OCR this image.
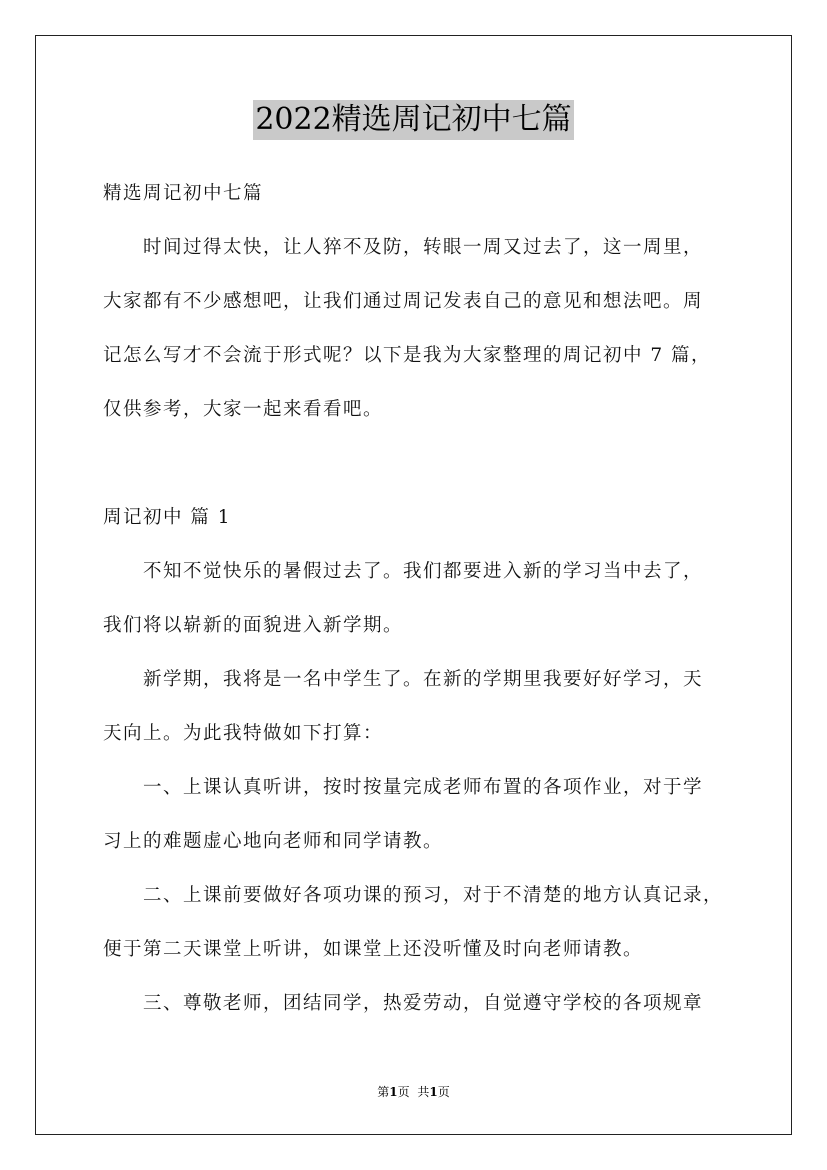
2022精选周记初中七篇
精选周记初中七篇
时间过得太快，让人猝不及防，转眼一周又过去了，这一周里，
大家都有不少感想吧，让我们通过周记发表自己的意见和想法吧。周
记怎么写才不会流于形式呢？以下是我为大家整理的周记初中 7 篇，
仅供参考，大家一起来看看吧。
周记初中 篇 1
不知不觉快乐的暑假过去了。我们都要进入新的学习当中去了，
我们将以崭新的面貌进入新学期。
新学期，我将是一名中学生了。在新的学期里我要好好学习，天
天向上。为此我特做如下打算：
一、上课认真听讲，按时按量完成老师布置的各项作业，对于学
习上的难题虚心地向老师和同学请教。
二、上课前要做好各项功课的预习，对于不清楚的地方认真记录，
便于第二天课堂上听讲，如课堂上还没听懂及时向老师请教。
三、尊敬老师，团结同学，热爱劳动，自觉遵守学校的各项规章
第1页 共1页
